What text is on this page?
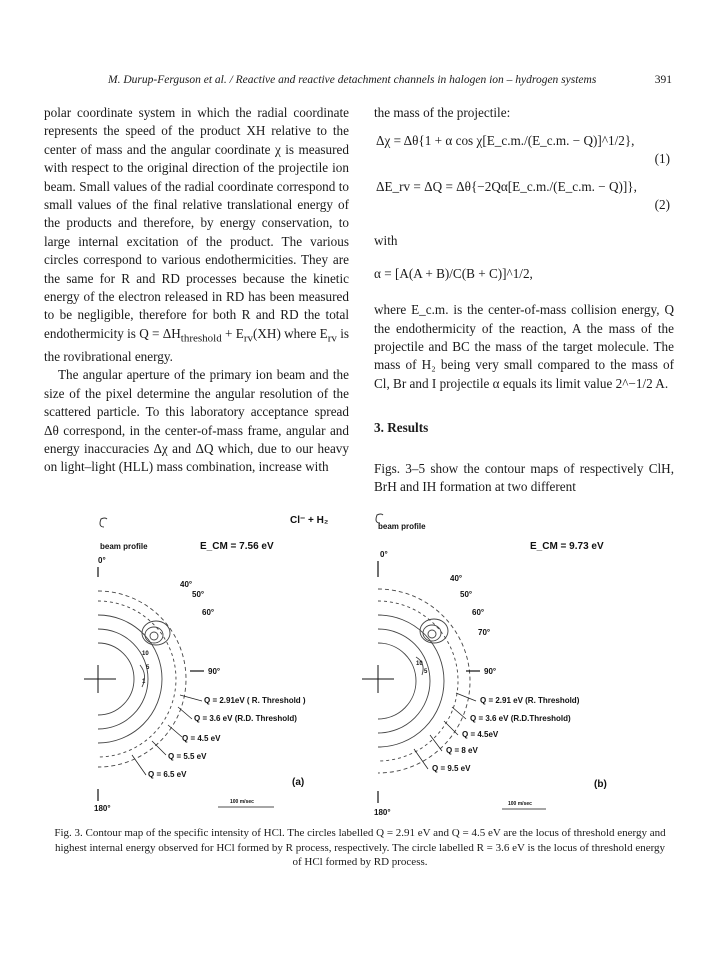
M. Durup-Ferguson et al. / Reactive and reactive detachment channels in halogen ion – hydrogen systems	391

polar coordinate system in which the radial coordinate represents the speed of the product XH relative to the center of mass and the angular coordinate χ is measured with respect to the original direction of the projectile ion beam. Small values of the radial coordinate correspond to small values of the final relative translational energy of the products and therefore, by energy conservation, to large internal excitation of the product. The various circles correspond to various endothermicities. They are the same for R and RD processes because the kinetic energy of the electron released in RD has been measured to be negligible, therefore for both R and RD the total endothermicity is $Q = \Delta H_{threshold} + E_{rv}(XH)$ where $E_{rv}$ is the rovibrational energy.

The angular aperture of the primary ion beam and the size of the pixel determine the angular resolution of the scattered particle. To this laboratory acceptance spread Δθ correspond, in the center-of-mass frame, angular and energy inaccuracies Δχ and ΔQ which, due to our heavy on light–light (HLL) mass combination, increase with

the mass of the projectile:

Δχ = Δθ{1 + α cos χ[E_c.m./(E_c.m. − Q)]^1/2},
(1)
ΔE_rv = ΔQ = Δθ{−2Qα[E_c.m./(E_c.m. − Q)]},
(2)

with

α = [A(A + B)/C(B + C)]^1/2,

where E_c.m. is the center-of-mass collision energy, Q the endothermicity of the reaction, A the mass of the projectile and BC the mass of the target molecule. The mass of H₂ being very small compared to the mass of Cl, Br and I projectile α equals its limit value 2^−1/2 A.

3. Results

Figs. 3–5 show the contour maps of respectively ClH, BrH and IH formation at two different

Cl⁻ + H₂
beam profile	E_CM = 7.56 eV
0°
40°
50°
60°
10
5
1
90°
Q = 2.91eV ( R. Threshold )
Q = 3.6 eV (R.D. Threshold)
Q = 4.5 eV
Q = 5.5 eV
Q = 6.5 eV
180°
100 m/sec
(a)
beam profile
E_CM = 9.73 eV
0°
40°
50°
60°
70°
10
5	90°
Q = 2.91 eV (R. Threshold)
Q = 3.6 eV (R.D.Threshold)
Q = 4.5eV
Q = 8 eV
Q = 9.5 eV
180°
100 m/sec
(b)
Fig. 3. Contour map of the specific intensity of HCl. The circles labelled Q = 2.91 eV and Q = 4.5 eV are the locus of threshold energy and highest internal energy observed for HCl formed by R process, respectively. The circle labelled R = 3.6 eV is the locus of threshold energy of HCl formed by RD process.
